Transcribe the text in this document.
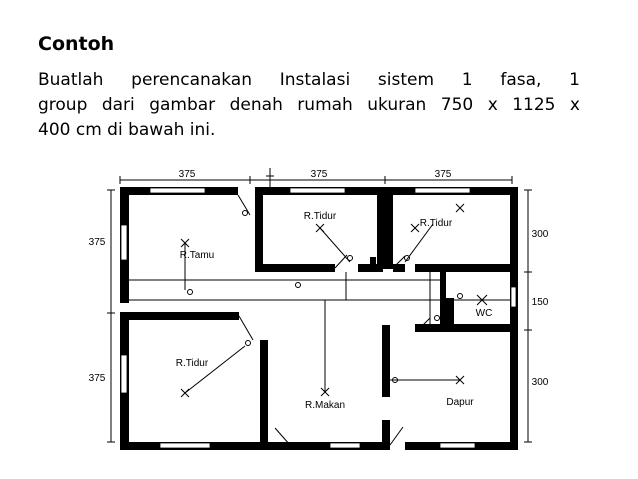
Contoh
Buatlah perencanakan Instalasi sistem 1 fasa, 1
group dari gambar denah rumah ukuran 750 x 1125 x
400 cm di bawah ini.
375	375	375
375
375
300
150
300
R.Tamu
R.Tidur
R.Tidur
R.Tidur
R.Makan	Dapur
WC
